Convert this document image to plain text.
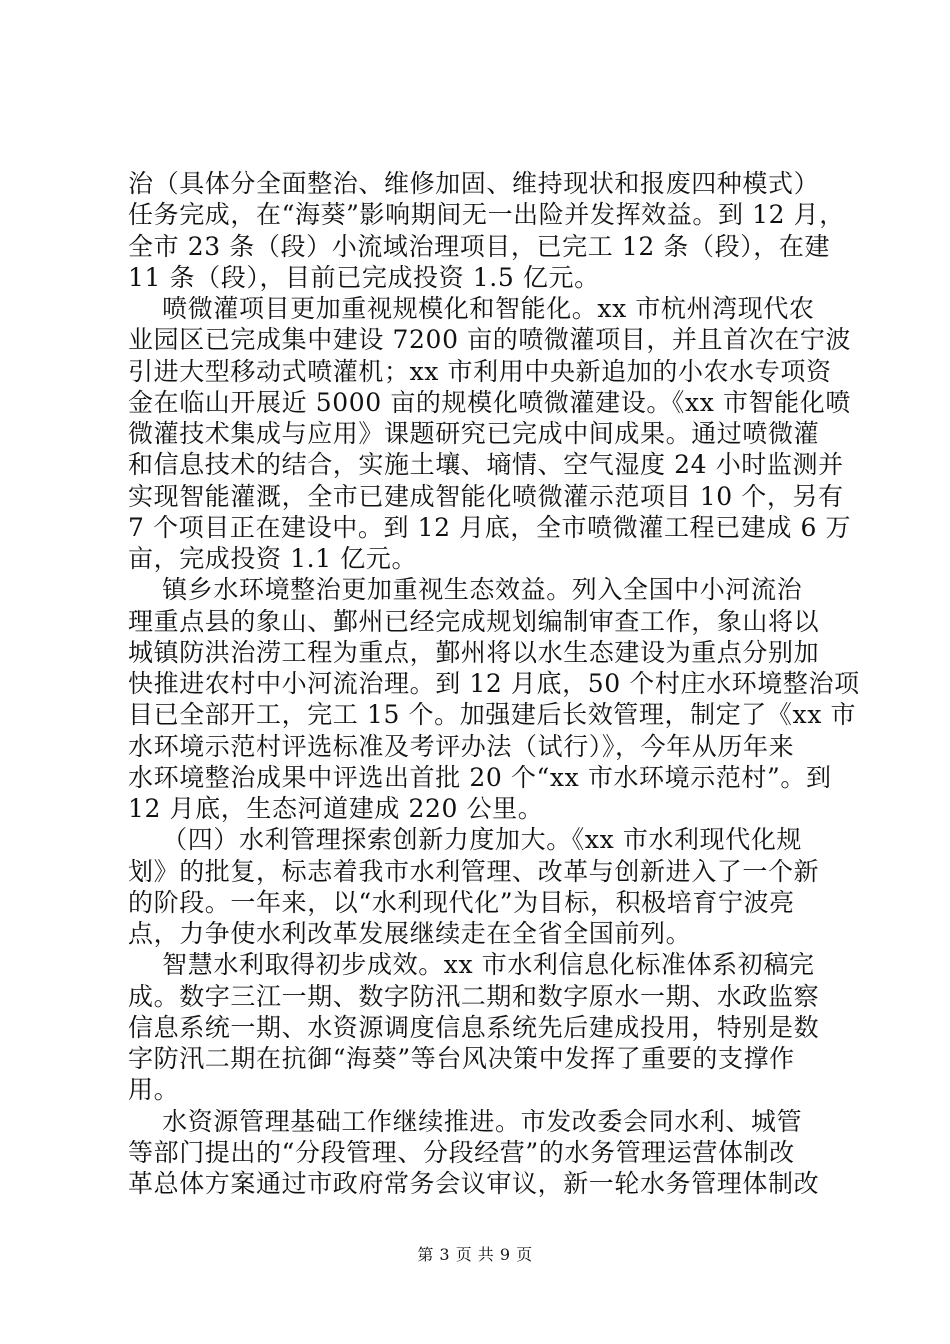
治（具体分全面整治、维修加固、维持现状和报废四种模式）
任务完成，在“海葵”影响期间无一出险并发挥效益。到 12 月，
全市 23 条（段）小流域治理项目，已完工 12 条（段），在建
11 条（段），目前已完成投资 1.5 亿元。
喷微灌项目更加重视规模化和智能化。xx 市杭州湾现代农
业园区已完成集中建设 7200 亩的喷微灌项目，并且首次在宁波
引进大型移动式喷灌机；xx 市利用中央新追加的小农水专项资
金在临山开展近 5000 亩的规模化喷微灌建设。《xx 市智能化喷
微灌技术集成与应用》课题研究已完成中间成果。通过喷微灌
和信息技术的结合，实施土壤、墒情、空气湿度 24 小时监测并
实现智能灌溉，全市已建成智能化喷微灌示范项目 10 个，另有
7 个项目正在建设中。到 12 月底，全市喷微灌工程已建成 6 万
亩，完成投资 1.1 亿元。
镇乡水环境整治更加重视生态效益。列入全国中小河流治
理重点县的象山、鄞州已经完成规划编制审查工作，象山将以
城镇防洪治涝工程为重点，鄞州将以水生态建设为重点分别加
快推进农村中小河流治理。到 12 月底，50 个村庄水环境整治项
目已全部开工，完工 15 个。加强建后长效管理，制定了《xx 市
水环境示范村评选标准及考评办法（试行）》，今年从历年来
水环境整治成果中评选出首批 20 个“xx 市水环境示范村”。到
12 月底，生态河道建成 220 公里。
（四）水利管理探索创新力度加大。《xx 市水利现代化规
划》的批复，标志着我市水利管理、改革与创新进入了一个新
的阶段。一年来，以“水利现代化”为目标，积极培育宁波亮
点，力争使水利改革发展继续走在全省全国前列。
智慧水利取得初步成效。xx 市水利信息化标准体系初稿完
成。数字三江一期、数字防汛二期和数字原水一期、水政监察
信息系统一期、水资源调度信息系统先后建成投用，特别是数
字防汛二期在抗御“海葵”等台风决策中发挥了重要的支撑作
用。
水资源管理基础工作继续推进。市发改委会同水利、城管
等部门提出的“分段管理、分段经营”的水务管理运营体制改
革总体方案通过市政府常务会议审议，新一轮水务管理体制改
第 3 页 共 9 页
